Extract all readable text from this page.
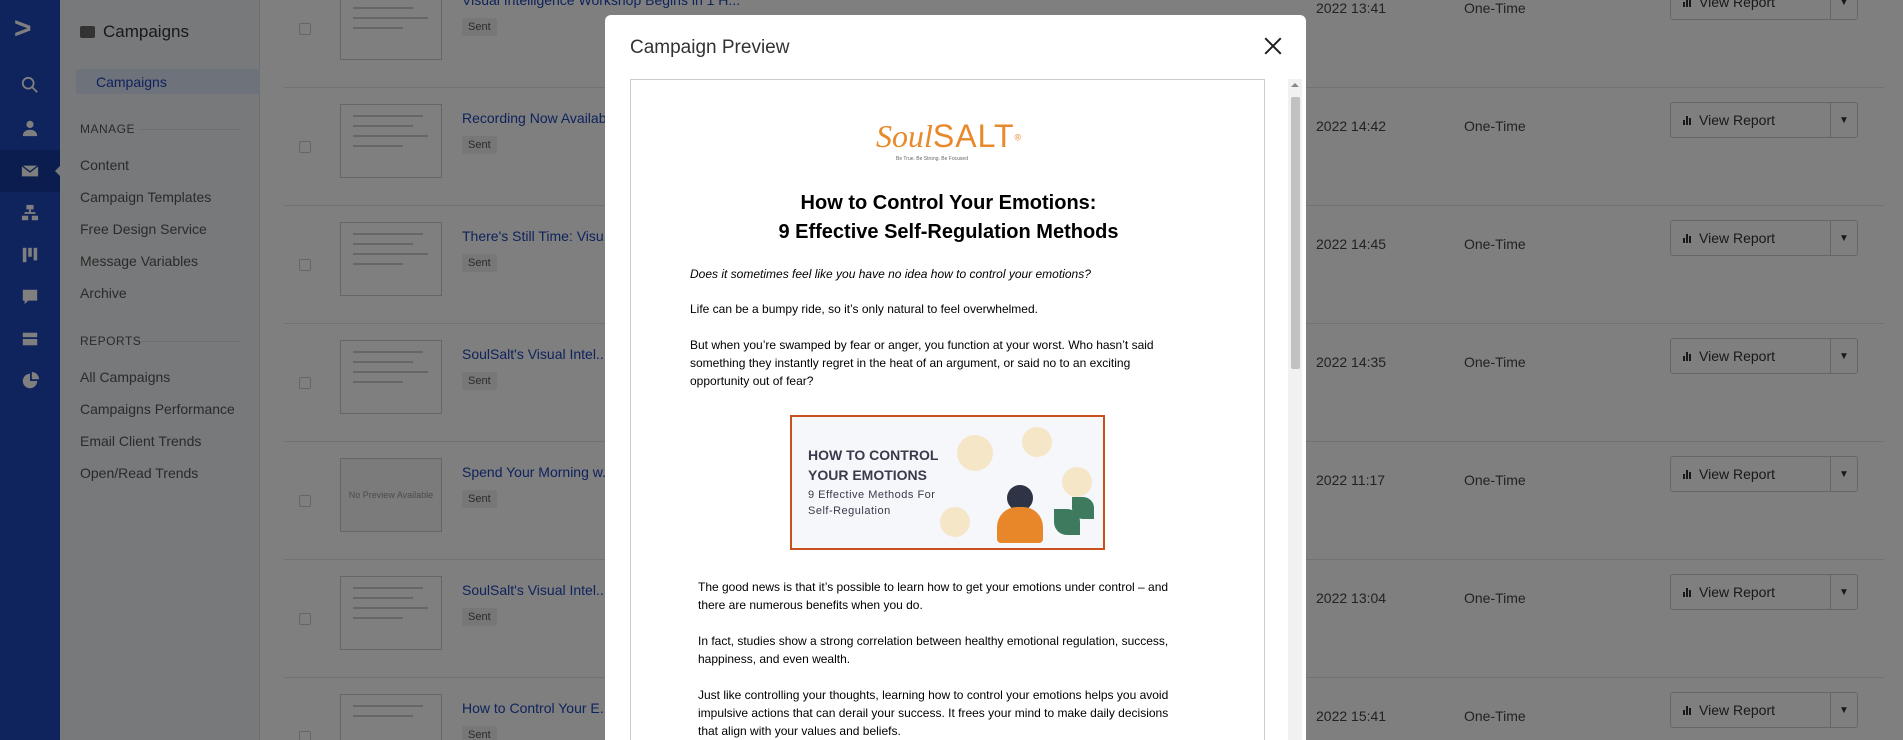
Campaign Preview
SoulSALT®
Be True. Be Strong. Be Focused
How to Control Your Emotions:
9 Effective Self-Regulation Methods
Does it sometimes feel like you have no idea how to control your emotions?
Life can be a bumpy ride, so it’s only natural to feel overwhelmed.
But when you’re swamped by fear or anger, you function at your worst. Who hasn’t said something they instantly regret in the heat of an argument, or said no to an exciting opportunity out of fear?
HOW TO CONTROL
YOUR EMOTIONS
9 Effective Methods For
Self-Regulation
The good news is that it’s possible to learn how to get your emotions under control – and there are numerous benefits when you do.
In fact, studies show a strong correlation between healthy emotional regulation, success, happiness, and even wealth.
Just like controlling your thoughts, learning how to control your emotions helps you avoid impulsive actions that can derail your success. It frees your mind to make daily decisions that align with your values and beliefs.
